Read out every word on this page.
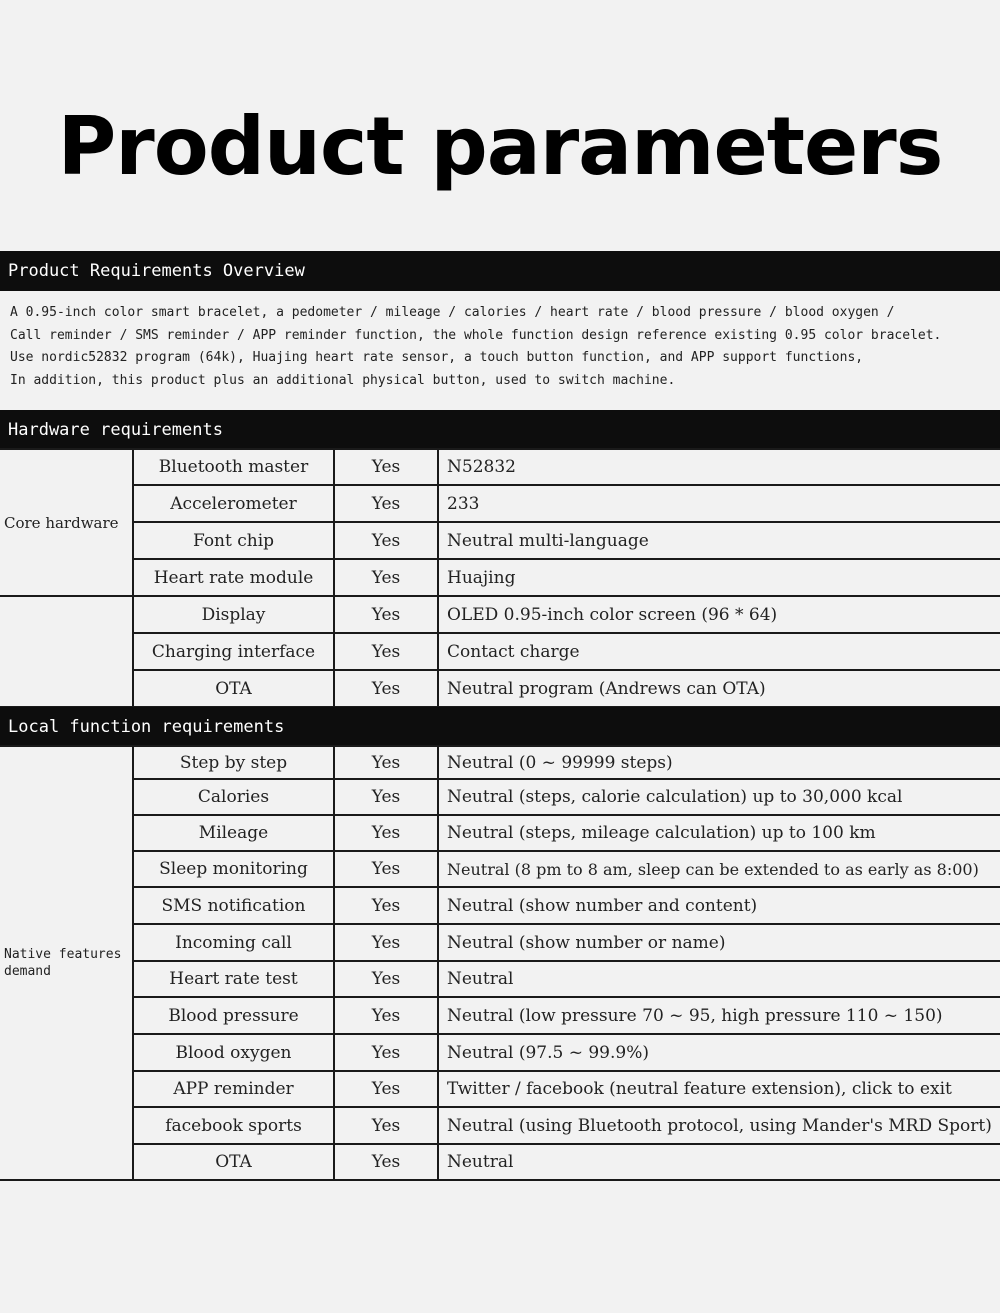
Product parameters
Product Requirements Overview
A 0.95-inch color smart bracelet, a pedometer / mileage / calories / heart rate / blood pressure / blood oxygen /
Call reminder / SMS reminder / APP reminder function, the whole function design reference existing 0.95 color bracelet.
Use nordic52832 program (64k), Huajing heart rate sensor, a touch button function, and APP support functions,
In addition, this product plus an additional physical button, used to switch machine.
Hardware requirements
Core hardware	Bluetooth master	Yes	N52832
	Accelerometer	Yes	233
	Font chip	Yes	Neutral multi-language
	Heart rate module	Yes	Huajing
	Display	Yes	OLED 0.95-inch color screen (96 * 64)
	Charging interface	Yes	Contact charge
	OTA	Yes	Neutral program (Andrews can OTA)
Local function requirements
Native features demand	Step by step	Yes	Neutral (0 ~ 99999 steps)
	Calories	Yes	Neutral (steps, calorie calculation) up to 30,000 kcal
	Mileage	Yes	Neutral (steps, mileage calculation) up to 100 km
	Sleep monitoring	Yes	Neutral (8 pm to 8 am, sleep can be extended to as early as 8:00)
	SMS notification	Yes	Neutral (show number and content)
	Incoming call	Yes	Neutral (show number or name)
	Heart rate test	Yes	Neutral
	Blood pressure	Yes	Neutral (low pressure 70 ~ 95, high pressure 110 ~ 150)
	Blood oxygen	Yes	Neutral (97.5 ~ 99.9%)
	APP reminder	Yes	Twitter / facebook (neutral feature extension), click to exit
	facebook sports	Yes	Neutral (using Bluetooth protocol, using Mander's MRD Sport)
	OTA	Yes	Neutral
